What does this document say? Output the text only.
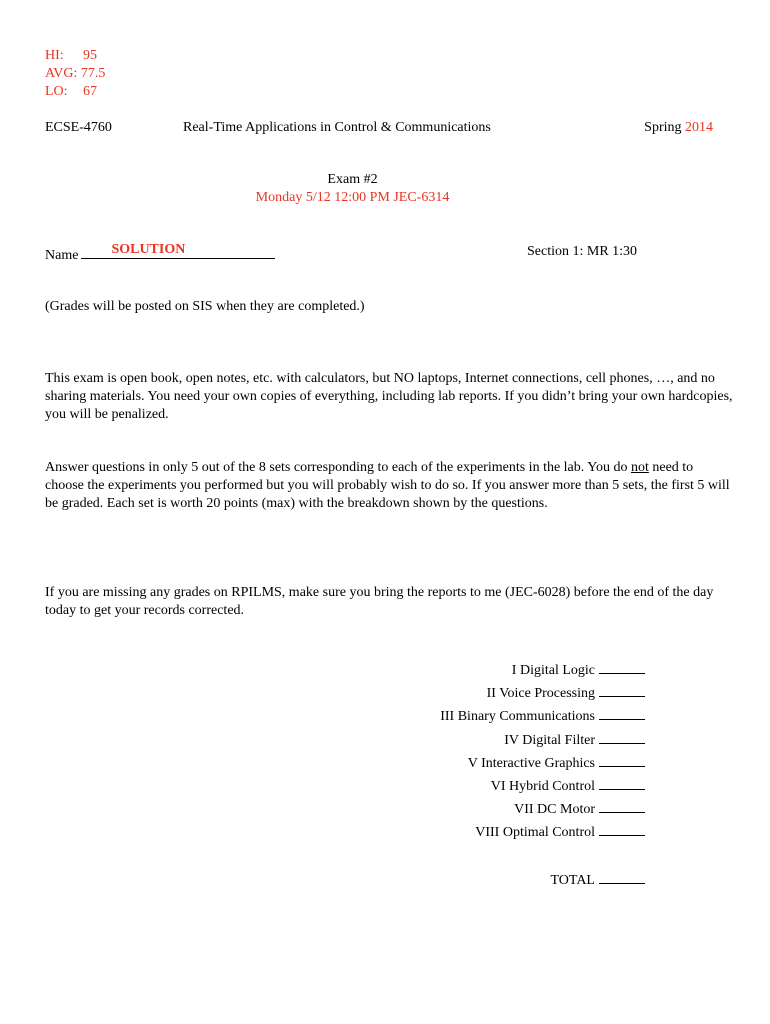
HI: 95
AVG: 77.5
LO: 67
ECSE-4760	Real-Time Applications in Control & Communications	Spring 2014
Exam #2
Monday 5/12 12:00 PM JEC-6314
Name SOLUTION	Section 1: MR 1:30
(Grades will be posted on SIS when they are completed.)
This exam is open book, open notes, etc. with calculators, but NO laptops, Internet connections, cell phones, …, and no sharing materials. You need your own copies of everything, including lab reports. If you didn’t bring your own hardcopies, you will be penalized.
Answer questions in only 5 out of the 8 sets corresponding to each of the experiments in the lab. You do not need to choose the experiments you performed but you will probably wish to do so. If you answer more than 5 sets, the first 5 will be graded. Each set is worth 20 points (max) with the breakdown shown by the questions.
If you are missing any grades on RPILMS, make sure you bring the reports to me (JEC-6028) before the end of the day today to get your records corrected.
I Digital Logic
II Voice Processing
III Binary Communications
IV Digital Filter
V Interactive Graphics
VI Hybrid Control
VII DC Motor
VIII Optimal Control
TOTAL
